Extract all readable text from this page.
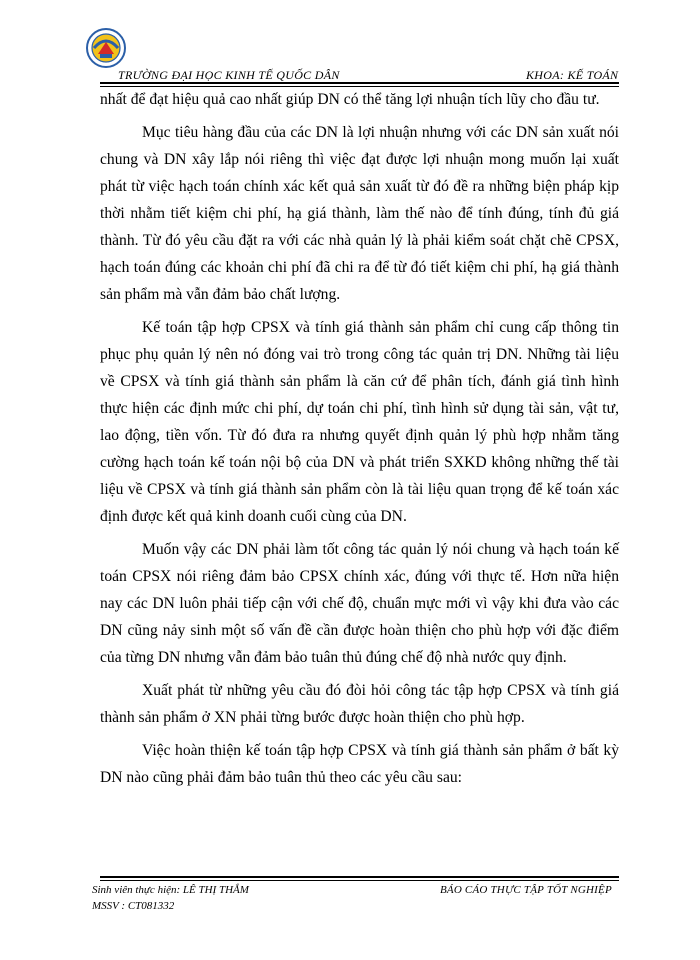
TRƯỜNG ĐẠI HỌC KINH TẾ QUỐC DÂN	KHOA: KẾ TOÁN

nhất để đạt hiệu quả cao nhất giúp DN có thể tăng lợi nhuận tích lũy cho đầu tư.

Mục tiêu hàng đầu của các DN là lợi nhuận nhưng với các DN sản xuất nói chung và DN xây lắp nói riêng thì việc đạt được lợi nhuận mong muốn lại xuất phát từ việc hạch toán chính xác kết quả sản xuất từ đó đề ra những biện pháp kịp thời nhằm tiết kiệm chi phí, hạ giá thành, làm thế nào để tính đúng, tính đủ giá thành. Từ đó yêu cầu đặt ra với các nhà quản lý là phải kiểm soát chặt chẽ CPSX, hạch toán đúng các khoản chi phí đã chi ra để từ đó tiết kiệm chi phí, hạ giá thành sản phẩm mà vẫn đảm bảo chất lượng.

Kế toán tập hợp CPSX và tính giá thành sản phẩm chỉ cung cấp thông tin phục phụ quản lý nên nó đóng vai trò trong công tác quản trị DN. Những tài liệu về CPSX và tính giá thành sản phẩm là căn cứ để phân tích, đánh giá tình hình thực hiện các định mức chi phí, dự toán chi phí, tình hình sử dụng tài sản, vật tư, lao động, tiền vốn. Từ đó đưa ra nhưng quyết định quản lý phù hợp nhằm tăng cường hạch toán kế toán nội bộ của DN và phát triển SXKD không những thế tài liệu về CPSX và tính giá thành sản phẩm còn là tài liệu quan trọng để kế toán xác định được kết quả kinh doanh cuối cùng của DN.

Muốn vậy các DN phải làm tốt công tác quản lý nói chung và hạch toán kế toán CPSX nói riêng đảm bảo CPSX chính xác, đúng với thực tế. Hơn nữa hiện nay các DN luôn phải tiếp cận với chế độ, chuẩn mực mới vì vậy khi đưa vào các DN cũng nảy sinh một số vấn đề cần được hoàn thiện cho phù hợp với đặc điểm của từng DN nhưng vẫn đảm bảo tuân thủ đúng chế độ nhà nước quy định.

Xuất phát từ những yêu cầu đó đòi hỏi công tác tập hợp CPSX và tính giá thành sản phẩm ở XN phải từng bước được hoàn thiện cho phù hợp.

Việc hoàn thiện kế toán tập hợp CPSX và tính giá thành sản phẩm ở bất kỳ DN nào cũng phải đảm bảo tuân thủ theo các yêu cầu sau:

Sinh viên thực hiện: LÊ THỊ THẮM
MSSV : CT081332
BÁO CÁO THỰC TẬP TỐT NGHIỆP
